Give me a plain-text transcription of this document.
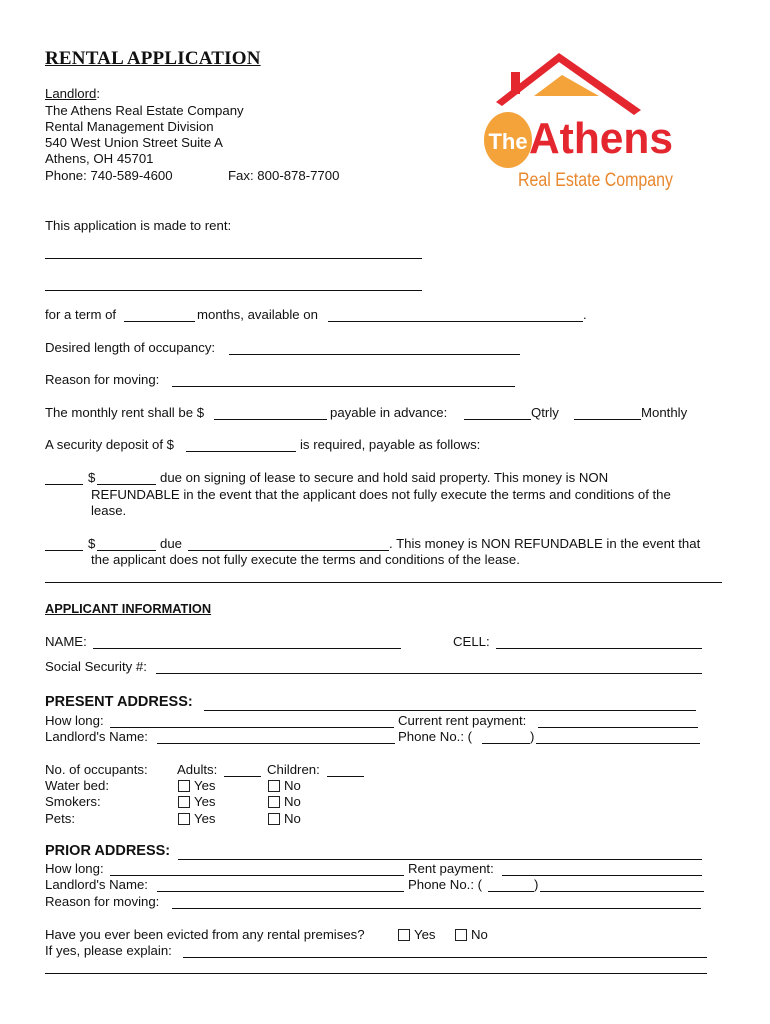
RENTAL APPLICATION
Landlord:
The Athens Real Estate Company
Rental Management Division
540 West Union Street Suite A
Athens, OH 45701
Phone: 740-589-4600	Fax: 800-878-7700
The Athens
Real Estate Company
This application is made to rent:
for a term of	months, available on	.
Desired length of occupancy:
Reason for moving:
The monthly rent shall be $	payable in advance:	Qtrly	Monthly
A security deposit of $	is required, payable as follows:
$	due on signing of lease to secure and hold said property. This money is NON
REFUNDABLE in the event that the applicant does not fully execute the terms and conditions of the
lease.
$	due	. This money is NON REFUNDABLE in the event that
the applicant does not fully execute the terms and conditions of the lease.
APPLICANT INFORMATION
NAME:	CELL:
Social Security #:
PRESENT ADDRESS:
How long:	Current rent payment:
Landlord's Name:	Phone No.: (	)
No. of occupants: Adults:	Children:
Water bed:	Yes	No
Smokers:	Yes	No
Pets:	Yes	No
PRIOR ADDRESS:
How long:	Rent payment:
Landlord's Name:	Phone No.: (	)
Reason for moving:
Have you ever been evicted from any rental premises?	Yes	No
If yes, please explain:
